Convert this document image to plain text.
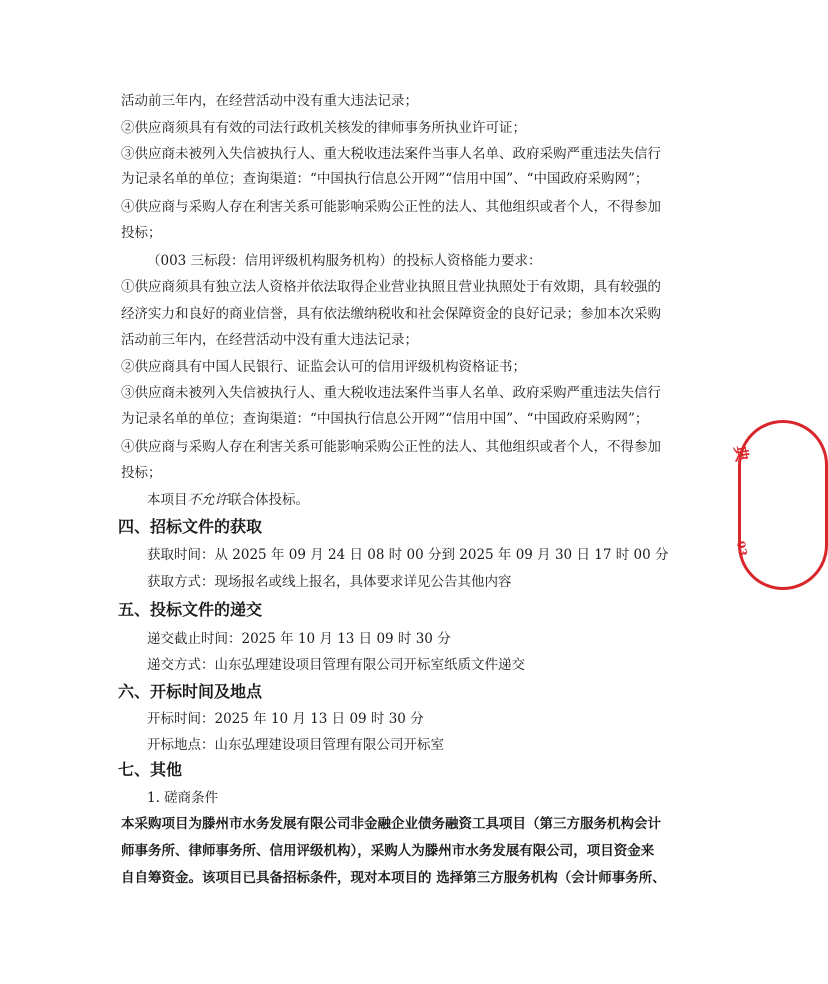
活动前三年内，在经营活动中没有重大违法记录；
②供应商须具有有效的司法行政机关核发的律师事务所执业许可证；
③供应商未被列入失信被执行人、重大税收违法案件当事人名单、政府采购严重违法失信行
为记录名单的单位；查询渠道：“中国执行信息公开网”“信用中国”、“中国政府采购网”；
④供应商与采购人存在利害关系可能影响采购公正性的法人、其他组织或者个人，不得参加
投标；
（003 三标段：信用评级机构服务机构）的投标人资格能力要求：
①供应商须具有独立法人资格并依法取得企业营业执照且营业执照处于有效期，具有较强的
经济实力和良好的商业信誉，具有依法缴纳税收和社会保障资金的良好记录；参加本次采购
活动前三年内，在经营活动中没有重大违法记录；
②供应商具有中国人民银行、证监会认可的信用评级机构资格证书；
③供应商未被列入失信被执行人、重大税收违法案件当事人名单、政府采购严重违法失信行
为记录名单的单位；查询渠道：“中国执行信息公开网”“信用中国”、“中国政府采购网”；
④供应商与采购人存在利害关系可能影响采购公正性的法人、其他组织或者个人，不得参加
投标；
本项目不允许联合体投标。
四、招标文件的获取
获取时间：从 2025 年 09 月 24 日 08 时 00 分到 2025 年 09 月 30 日 17 时 00 分
获取方式：现场报名或线上报名，具体要求详见公告其他内容
五、投标文件的递交
递交截止时间：2025 年 10 月 13 日 09 时 30 分
递交方式：山东弘理建设项目管理有限公司开标室纸质文件递交
六、开标时间及地点
开标时间：2025 年 10 月 13 日 09 时 30 分
开标地点：山东弘理建设项目管理有限公司开标室
七、其他
1. 磋商条件
本采购项目为滕州市水务发展有限公司非金融企业债务融资工具项目（第三方服务机构会计
师事务所、律师事务所、信用评级机构），采购人为滕州市水务发展有限公司，项目资金来
自自筹资金。该项目已具备招标条件，现对本项目的 选择第三方服务机构（会计师事务所、
典
03
